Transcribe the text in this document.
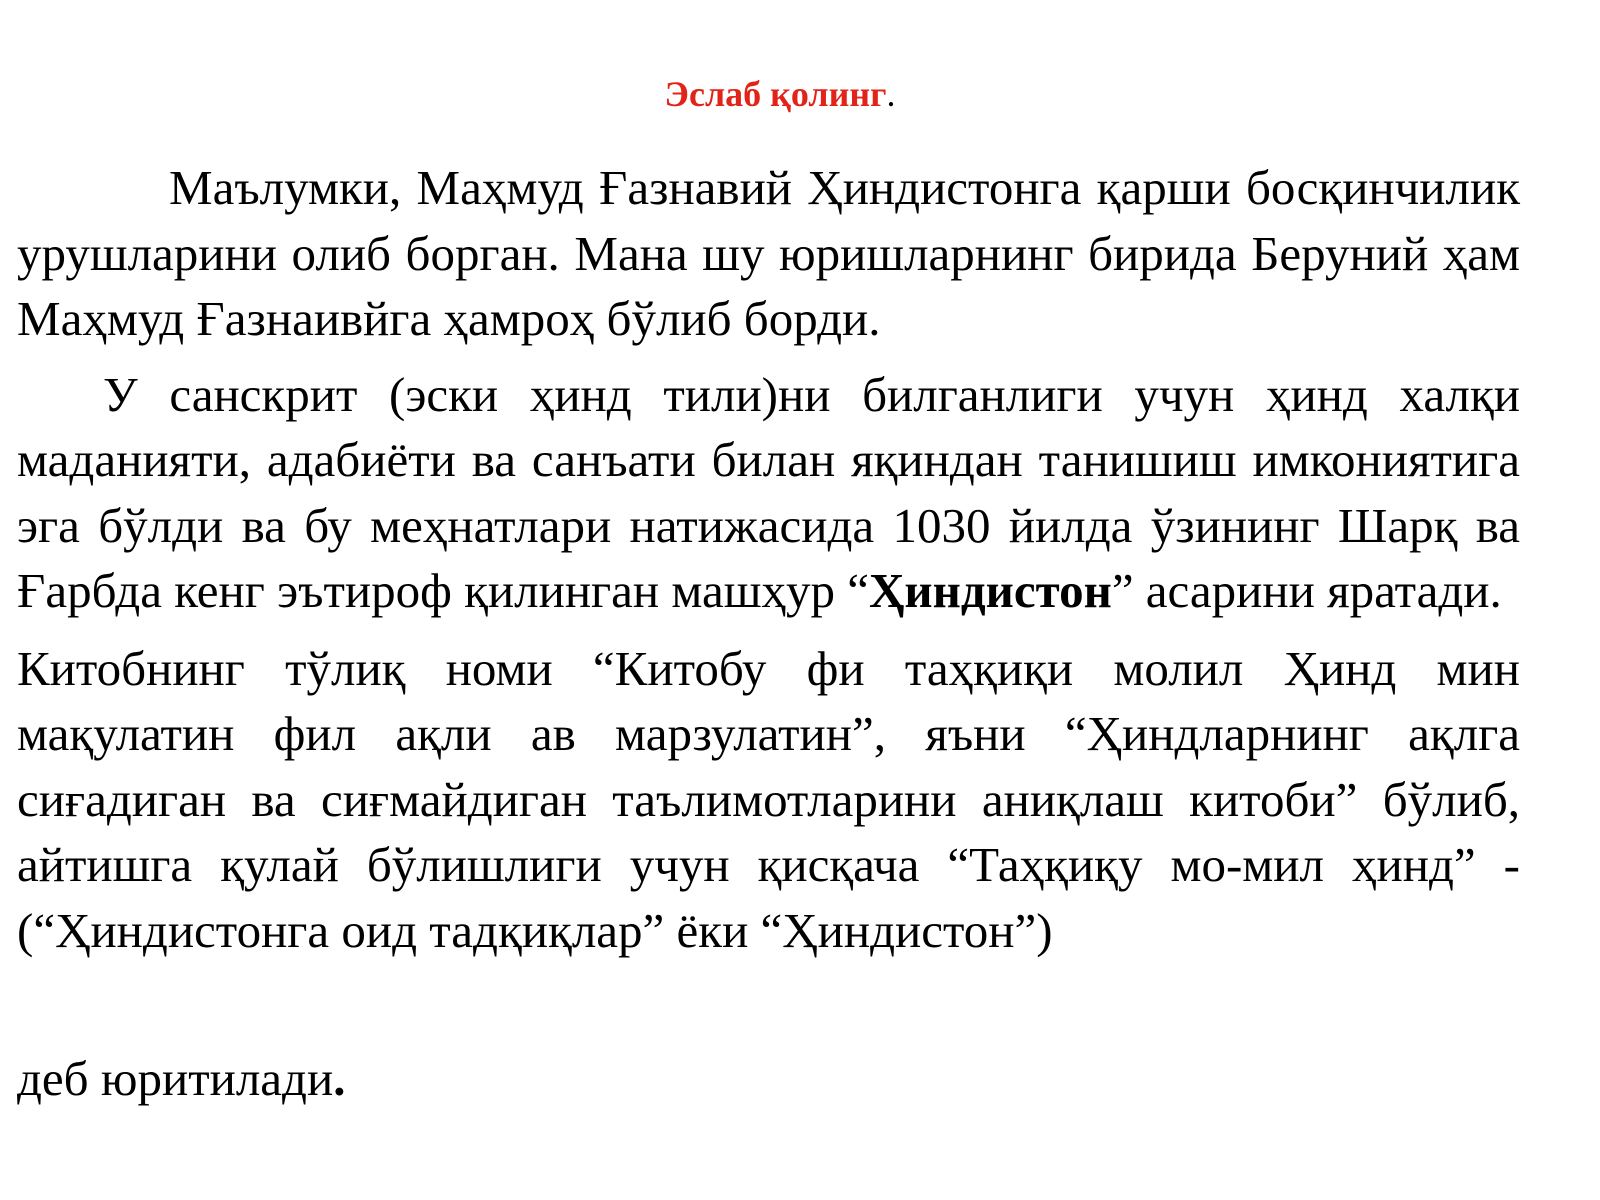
Эслаб қолинг.

Маълумки, Маҳмуд Ғазнавий Ҳиндистонга қарши босқинчилик урушларини олиб борган. Мана шу юришларнинг бирида Беруний ҳам Маҳмуд Ғазнаивйга ҳамроҳ бўлиб борди.

У санскрит (эски ҳинд тили)ни билганлиги учун ҳинд халқи маданияти, адабиёти ва санъати билан яқиндан танишиш имкониятига эга бўлди ва бу меҳнатлари натижасида 1030 йилда ўзининг Шарқ ва Ғарбда кенг эътироф қилинган машҳур “Ҳиндистон” асарини яратади.

Китобнинг тўлиқ номи “Китобу фи таҳқиқи молил Ҳинд мин мақулатин фил ақли ав марзулатин”, яъни “Ҳиндларнинг ақлга сиғадиган ва сиғмайдиган таълимотларини аниқлаш китоби” бўлиб, айтишга қулай бўлишлиги учун қисқача “Таҳқиқу мо-мил ҳинд” - (“Ҳиндистонга оид тадқиқлар” ёки “Ҳиндистон”)

деб юритилади.
